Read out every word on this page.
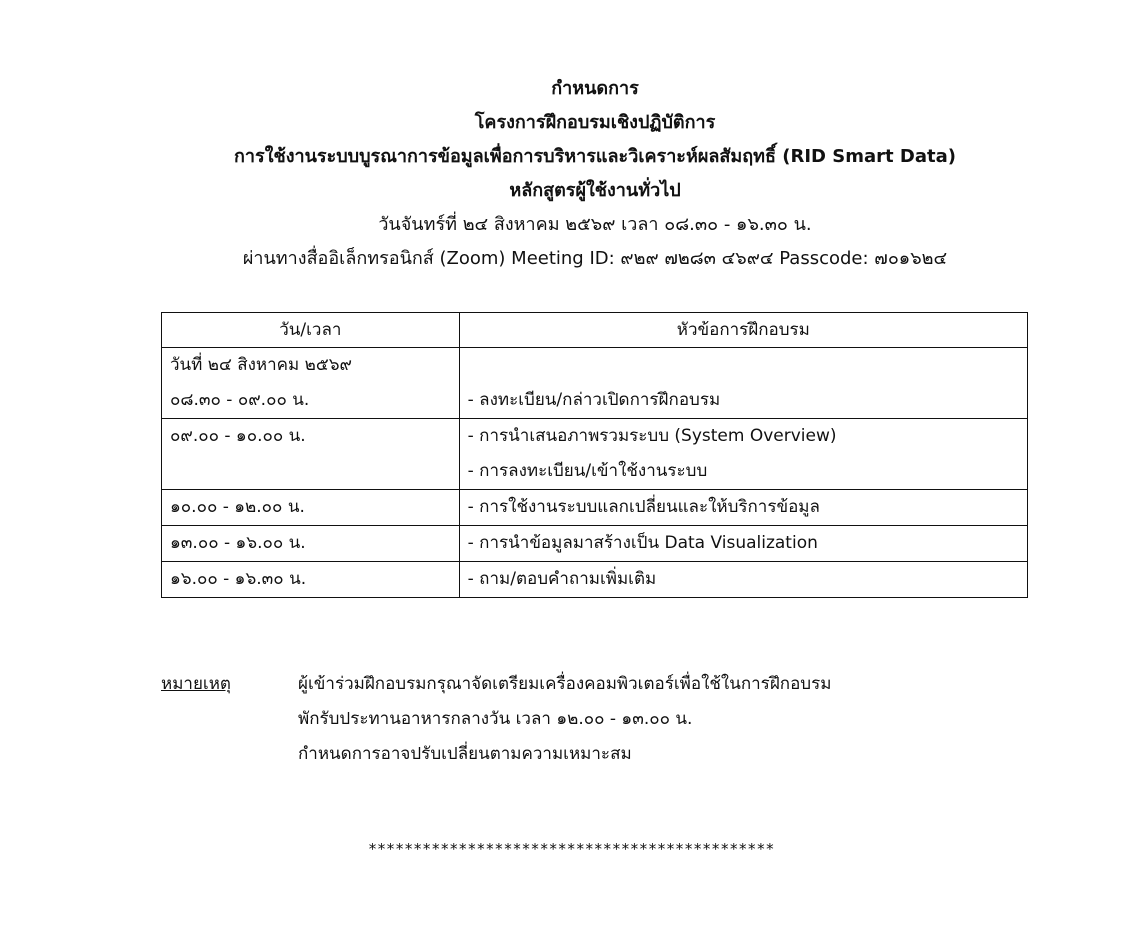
กำหนดการ
โครงการฝึกอบรมเชิงปฏิบัติการ
การใช้งานระบบบูรณาการข้อมูลเพื่อการบริหารและวิเคราะห์ผลสัมฤทธิ์ (RID Smart Data)
หลักสูตรผู้ใช้งานทั่วไป
วันจันทร์ที่ ๒๔ สิงหาคม ๒๕๖๙ เวลา ๐๘.๓๐ - ๑๖.๓๐ น.
ผ่านทางสื่ออิเล็กทรอนิกส์ (Zoom) Meeting ID: ๙๒๙ ๗๒๘๓ ๔๖๙๔ Passcode: ๗๐๑๖๒๔
วัน/เวลา	หัวข้อการฝึกอบรม

วันที่ ๒๔ สิงหาคม ๒๕๖๙
๐๘.๓๐ - ๐๙.๐๐ น.	- ลงทะเบียน/กล่าวเปิดการฝึกอบรม

๐๙.๐๐ - ๑๐.๐๐ น.	- การนำเสนอภาพรวมระบบ (System Overview)
- การลงทะเบียน/เข้าใช้งานระบบ

๑๐.๐๐ - ๑๒.๐๐ น.	- การใช้งานระบบแลกเปลี่ยนและให้บริการข้อมูล

๑๓.๐๐ - ๑๖.๐๐ น.	- การนำข้อมูลมาสร้างเป็น Data Visualization

๑๖.๐๐ - ๑๖.๓๐ น.	- ถาม/ตอบคำถามเพิ่มเติม
หมายเหตุ	ผู้เข้าร่วมฝึกอบรมกรุณาจัดเตรียมเครื่องคอมพิวเตอร์เพื่อใช้ในการฝึกอบรม
พักรับประทานอาหารกลางวัน เวลา ๑๒.๐๐ - ๑๓.๐๐ น.
กำหนดการอาจปรับเปลี่ยนตามความเหมาะสม
*********************************************
